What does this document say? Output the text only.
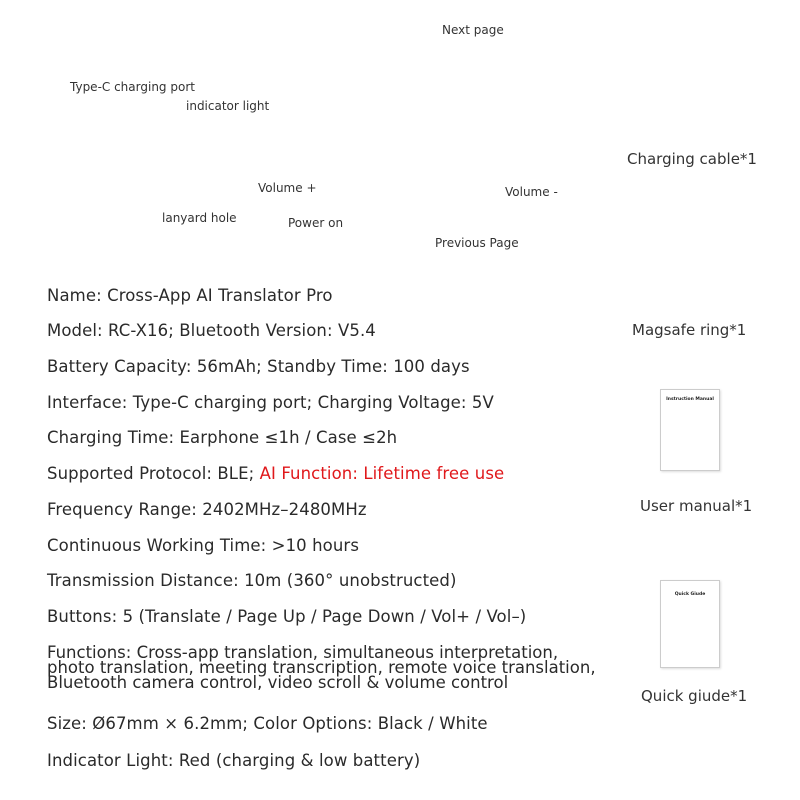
Type-C charging port
indicator light
lanyard hole
Next page
Volume +	Volume -
Power on
Previous Page
Charging cable*1
Magsafe ring*1
Instruction Manual
User manual*1
Quick Giude
Quick giude*1
Name: Cross-App AI Translator Pro
Model: RC-X16; Bluetooth Version: V5.4
Battery Capacity: 56mAh; Standby Time: 100 days
Interface: Type-C charging port; Charging Voltage: 5V
Charging Time: Earphone ≤1h / Case ≤2h
Supported Protocol: BLE; AI Function: Lifetime free use
Frequency Range: 2402MHz–2480MHz
Continuous Working Time: >10 hours
Transmission Distance: 10m (360° unobstructed)
Buttons: 5 (Translate / Page Up / Page Down / Vol+ / Vol–)
Functions: Cross-app translation, simultaneous interpretation,
photo translation, meeting transcription, remote voice translation,
Bluetooth camera control, video scroll & volume control
Size: Ø67mm × 6.2mm; Color Options: Black / White
Indicator Light: Red (charging & low battery)
